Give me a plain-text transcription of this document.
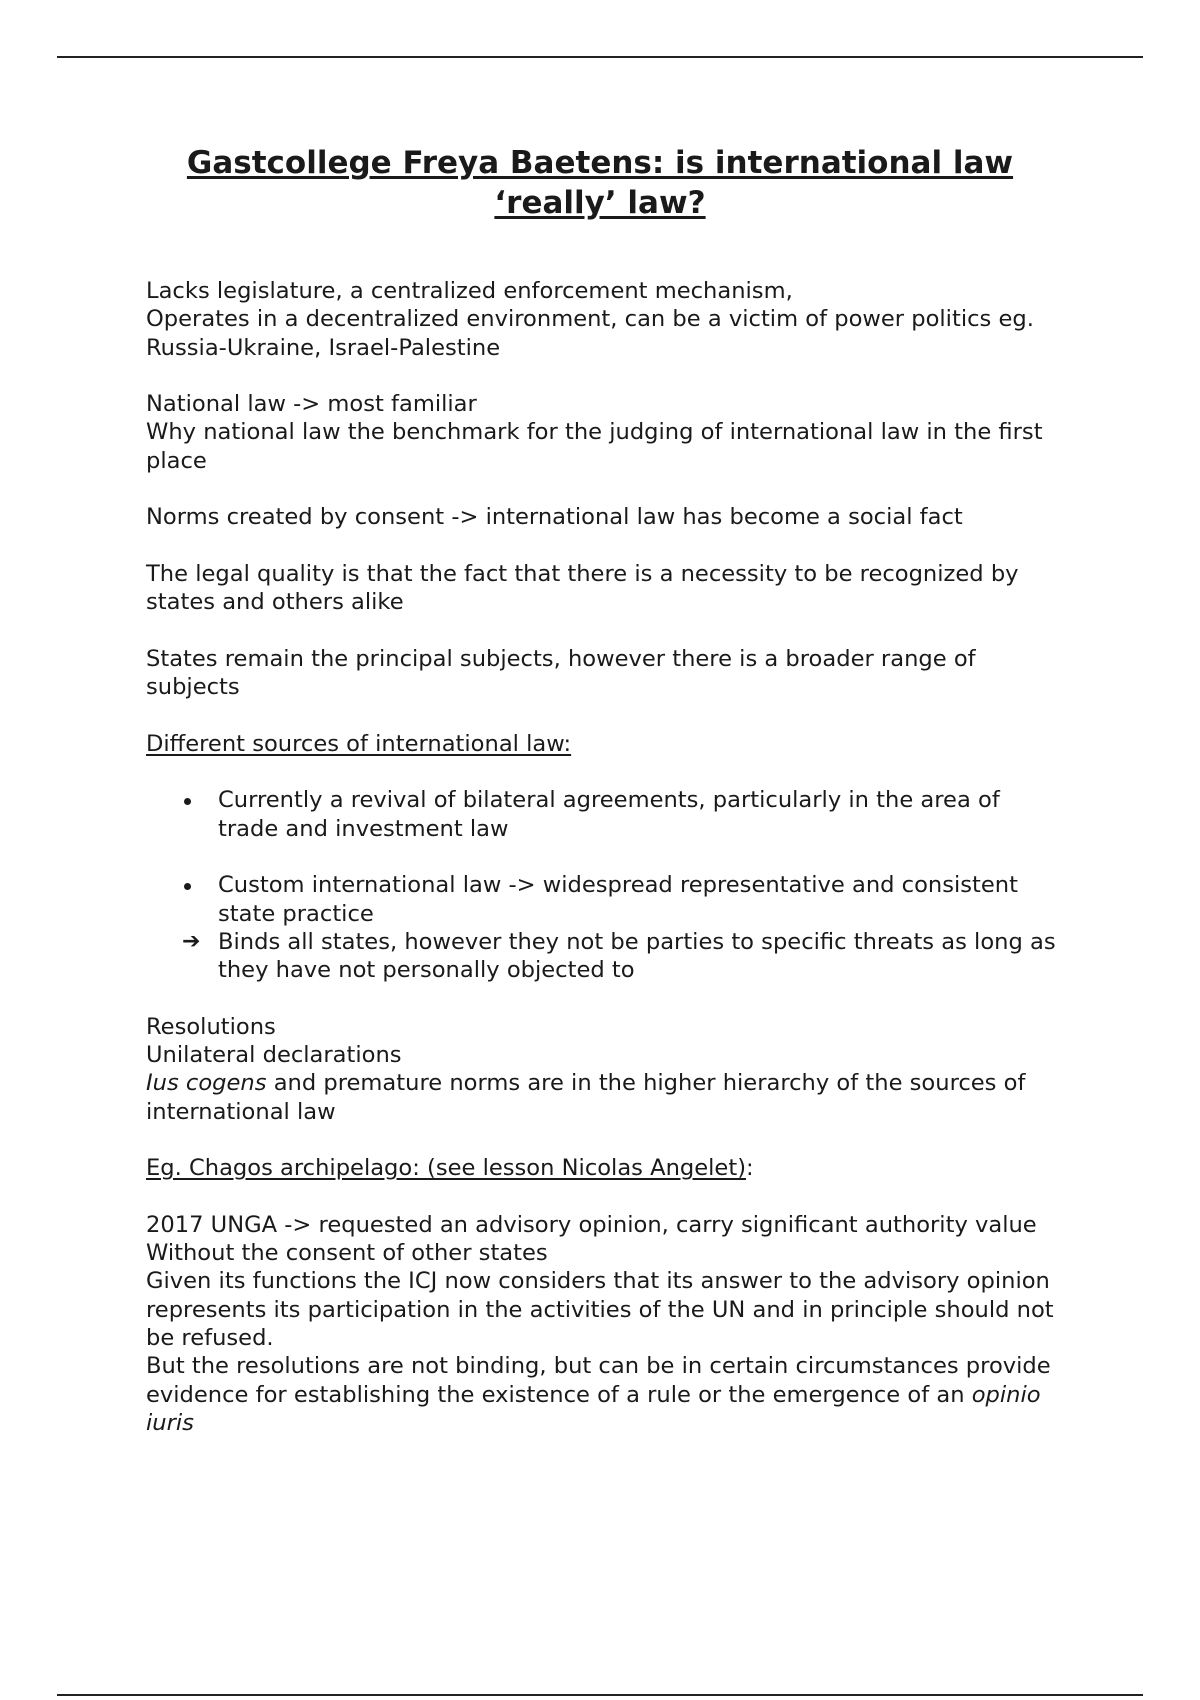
Gastcollege Freya Baetens: is international law ‘really’ law?

Lacks legislature, a centralized enforcement mechanism,
Operates in a decentralized environment, can be a victim of power politics eg. Russia-Ukraine, Israel-Palestine

National law -> most familiar
Why national law the benchmark for the judging of international law in the first place

Norms created by consent -> international law has become a social fact

The legal quality is that the fact that there is a necessity to be recognized by states and others alike

States remain the principal subjects, however there is a broader range of subjects

Different sources of international law:

Currently a revival of bilateral agreements, particularly in the area of trade and investment law
Custom international law -> widespread representative and consistent state practice
➔ Binds all states, however they not be parties to specific threats as long as they have not personally objected to

Resolutions
Unilateral declarations
Ius cogens and premature norms are in the higher hierarchy of the sources of international law

Eg. Chagos archipelago: (see lesson Nicolas Angelet):

2017 UNGA -> requested an advisory opinion, carry significant authority value
Without the consent of other states
Given its functions the ICJ now considers that its answer to the advisory opinion represents its participation in the activities of the UN and in principle should not be refused.
But the resolutions are not binding, but can be in certain circumstances provide evidence for establishing the existence of a rule or the emergence of an opinio iuris
